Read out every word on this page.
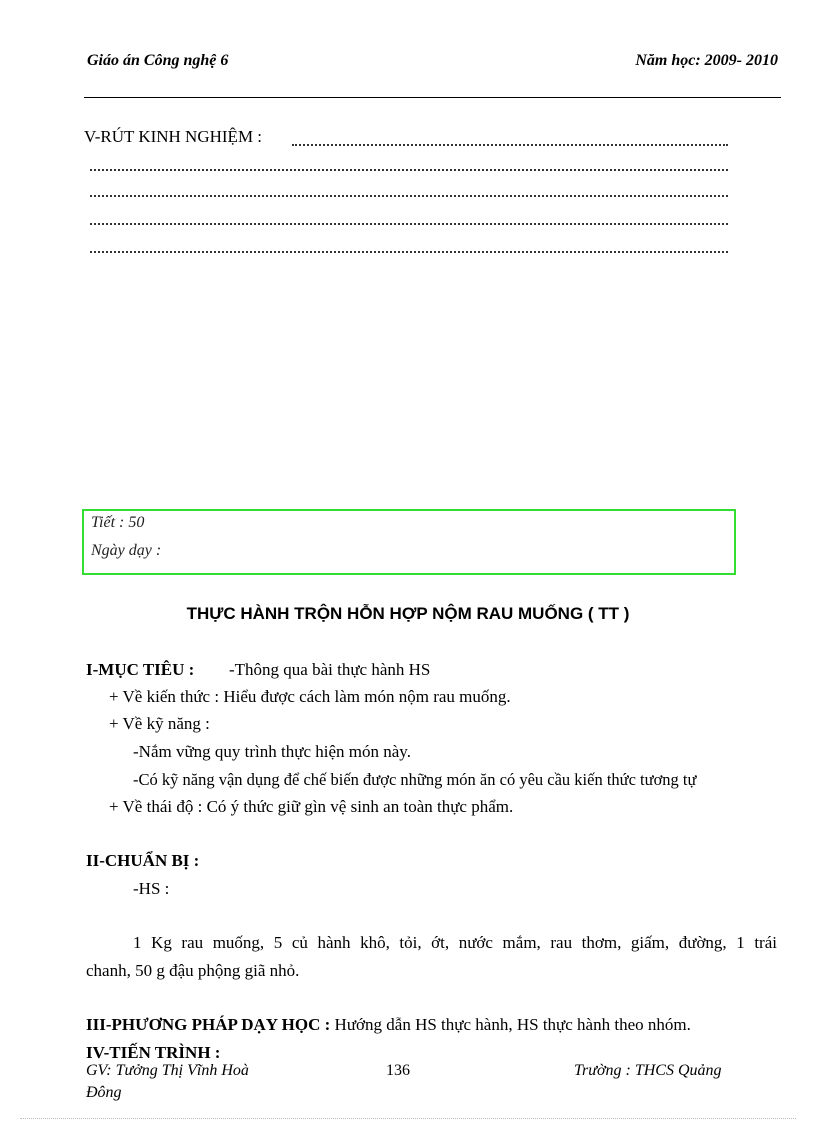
Giáo án Công nghệ 6	Năm học: 2009- 2010
V-RÚT KINH NGHIỆM :
Tiết : 50
Ngày dạy :
THỰC HÀNH TRỘN HỖN HỢP NỘM RAU MUỐNG ( TT )
I-MỤC TIÊU : -Thông qua bài thực hành HS
+ Về kiến thức : Hiểu được cách làm món nộm rau muống.
+ Về kỹ năng :
-Nắm vững quy trình thực hiện món này.
-Có kỹ năng vận dụng để chế biến được những món ăn có yêu cầu kiến thức tương tự
+ Về thái độ : Có ý thức giữ gìn vệ sinh an toàn thực phẩm.
II-CHUẨN BỊ :
-HS :
1 Kg rau muống, 5 củ hành khô, tỏi, ớt, nước mắm, rau thơm, giấm, đường, 1 trái
chanh, 50 g đậu phộng giã nhỏ.
III-PHƯƠNG PHÁP DẠY HỌC : Hướng dẫn HS thực hành, HS thực hành theo nhóm.
IV-TIẾN TRÌNH :
GV: Tưởng Thị Vĩnh Hoà
Đông
136	Trường : THCS Quảng
